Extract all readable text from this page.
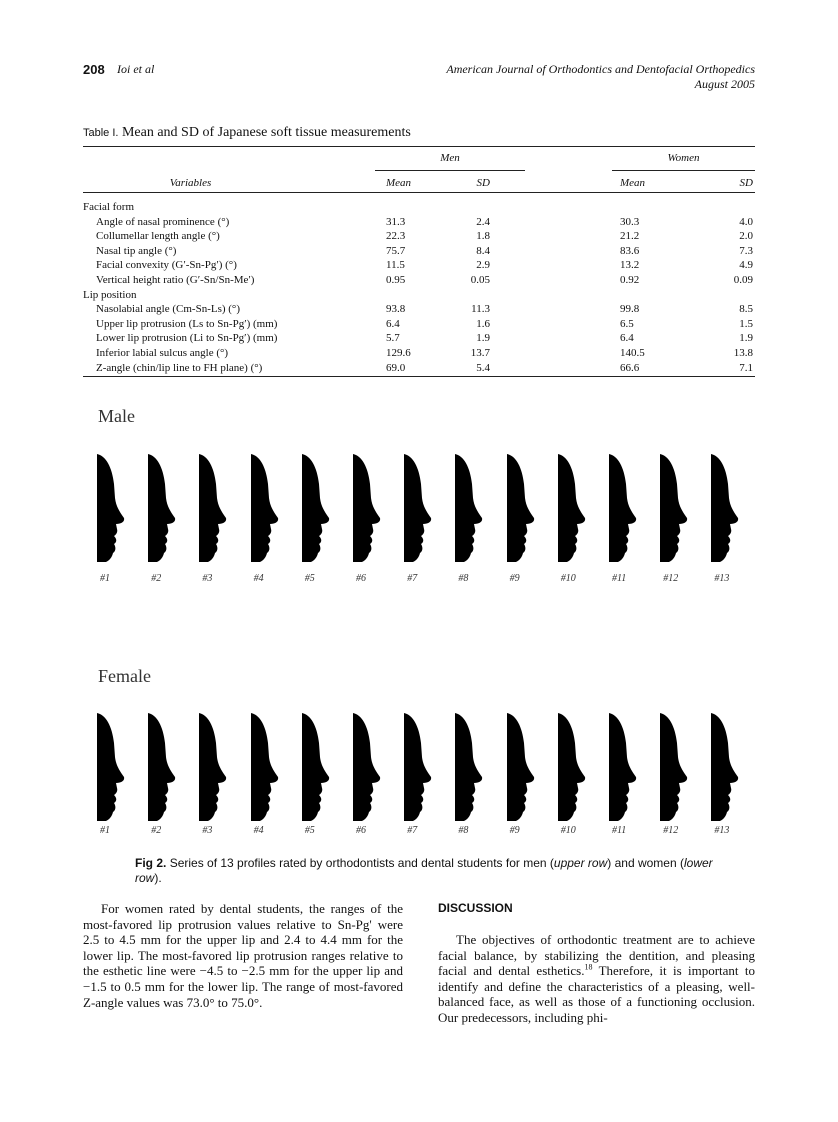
208 Ioi et al	American Journal of Orthodontics and Dentofacial Orthopedics
August 2005
Table I. Mean and SD of Japanese soft tissue measurements
Men	Women
Variables	Mean	SD	Mean	SD
Facial form
Angle of nasal prominence (°)	31.3	2.4	30.3	4.0
Collumellar length angle (°)	22.3	1.8	21.2	2.0
Nasal tip angle (°)	75.7	8.4	83.6	7.3
Facial convexity (G′-Sn-Pg′) (°)	11.5	2.9	13.2	4.9
Vertical height ratio (G′-Sn/Sn-Me′)	0.95	0.05	0.92	0.09
Lip position
Nasolabial angle (Cm-Sn-Ls) (°)	93.8	11.3	99.8	8.5
Upper lip protrusion (Ls to Sn-Pg′) (mm)	6.4	1.6	6.5	1.5
Lower lip protrusion (Li to Sn-Pg′) (mm)	5.7	1.9	6.4	1.9
Inferior labial sulcus angle (°)	129.6	13.7	140.5	13.8
Z-angle (chin/lip line to FH plane) (°)	69.0	5.4	66.6	7.1
Male
#1	#2	#3	#4	#5	#6	#7	#8	#9	#10	#11	#12	#13
Female
#1	#2	#3	#4	#5	#6	#7	#8	#9	#10	#11	#12	#13
Fig 2. Series of 13 profiles rated by orthodontists and dental students for men (upper row) and women (lower row).
For women rated by dental students, the ranges of the most-favored lip protrusion values relative to Sn-Pg' were 2.5 to 4.5 mm for the upper lip and 2.4 to 4.4 mm for the lower lip. The most-favored lip protrusion ranges relative to the esthetic line were −4.5 to −2.5 mm for the upper lip and −1.5 to 0.5 mm for the lower lip. The range of most-favored Z-angle values was 73.0° to 75.0°.
DISCUSSION
The objectives of orthodontic treatment are to achieve facial balance, by stabilizing the dentition, and pleasing facial and dental esthetics.$^{18}$ Therefore, it is important to identify and define the characteristics of a pleasing, well-balanced face, as well as those of a functioning occlusion. Our predecessors, including phi-
